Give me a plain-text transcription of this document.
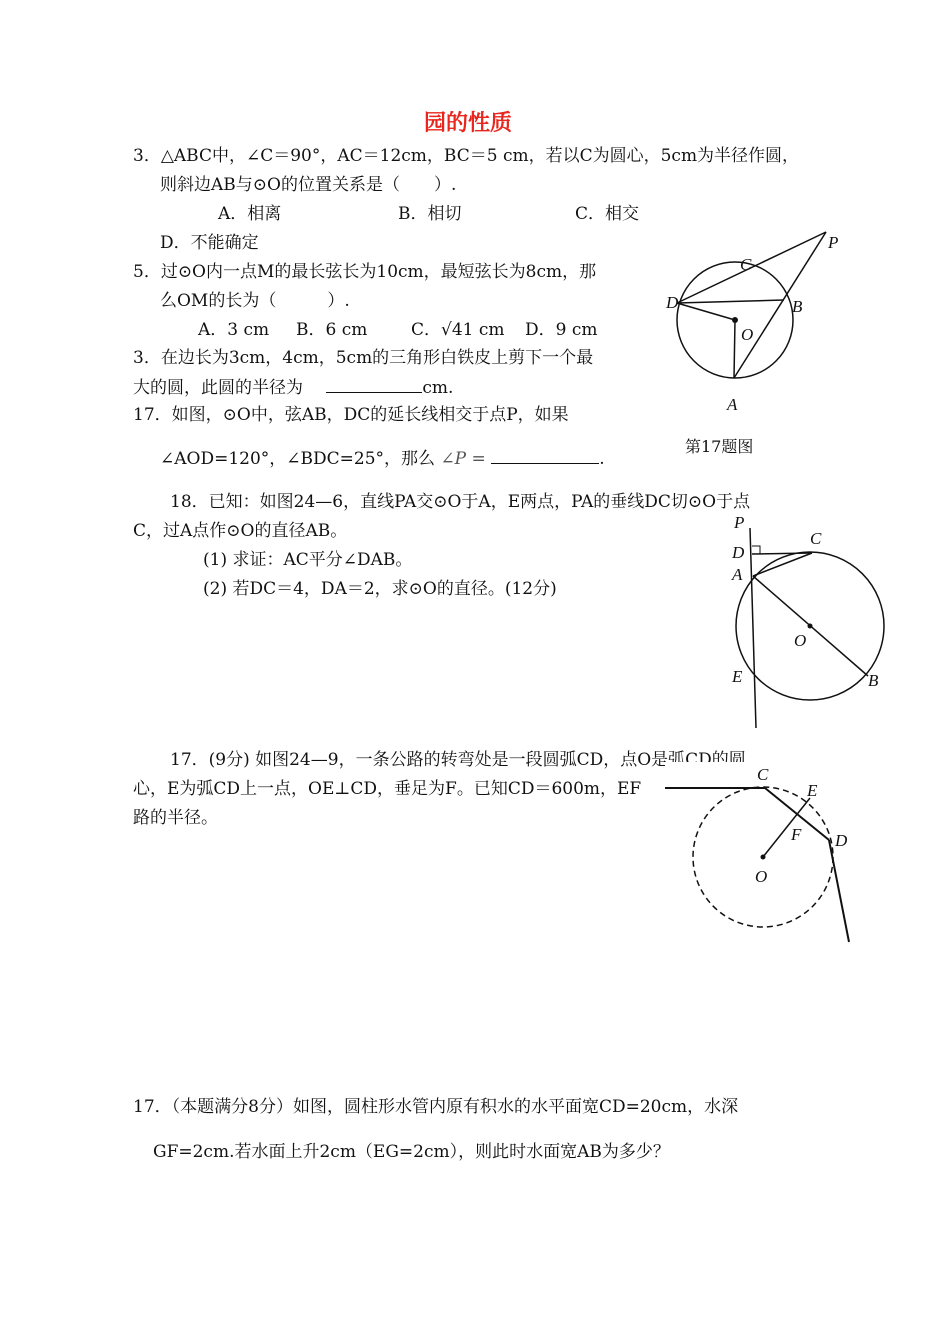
园的性质
3．△ABC中，∠C＝90°，AC＝12cm，BC＝5 cm，若以C为圆心，5cm为半径作圆，
则斜边AB与⊙O的位置关系是（　　）.
A．相离	B．相切	C．相交
D．不能确定
5．过⊙O内一点M的最长弦长为10cm，最短弦长为8cm，那
么OM的长为（　　　）.
A．3 cm B．6 cm	C．√41 cm D．9 cm
3．在边长为3cm，4cm，5cm的三角形白铁皮上剪下一个最
大的圆，此圆的半径为	cm.
17．如图，⊙O中，弦AB，DC的延长线相交于点P，如果
∠AOD=120°，∠BDC=25°，那么 ∠P =	.
P
C
D	B
O
A
第17题图
18．已知：如图24—6，直线PA交⊙O于A，E两点，PA的垂线DC切⊙O于点
C，过A点作⊙O的直径AB。
(1) 求证：AC平分∠DAB。
(2) 若DC＝4，DA＝2，求⊙O的直径。(12分)
P
D
C
A
O
E	B
17．(9分) 如图24—9，一条公路的转弯处是一段圆弧CD，点O是弧CD的圆
心，E为弧CD上一点，OE⊥CD，垂足为F。已知CD＝600m，EF
路的半径。
C
E
F D
O
17．（本题满分8分）如图，圆柱形水管内原有积水的水平面宽CD=20cm，水深
GF=2cm.若水面上升2cm（EG=2cm），则此时水面宽AB为多少？
